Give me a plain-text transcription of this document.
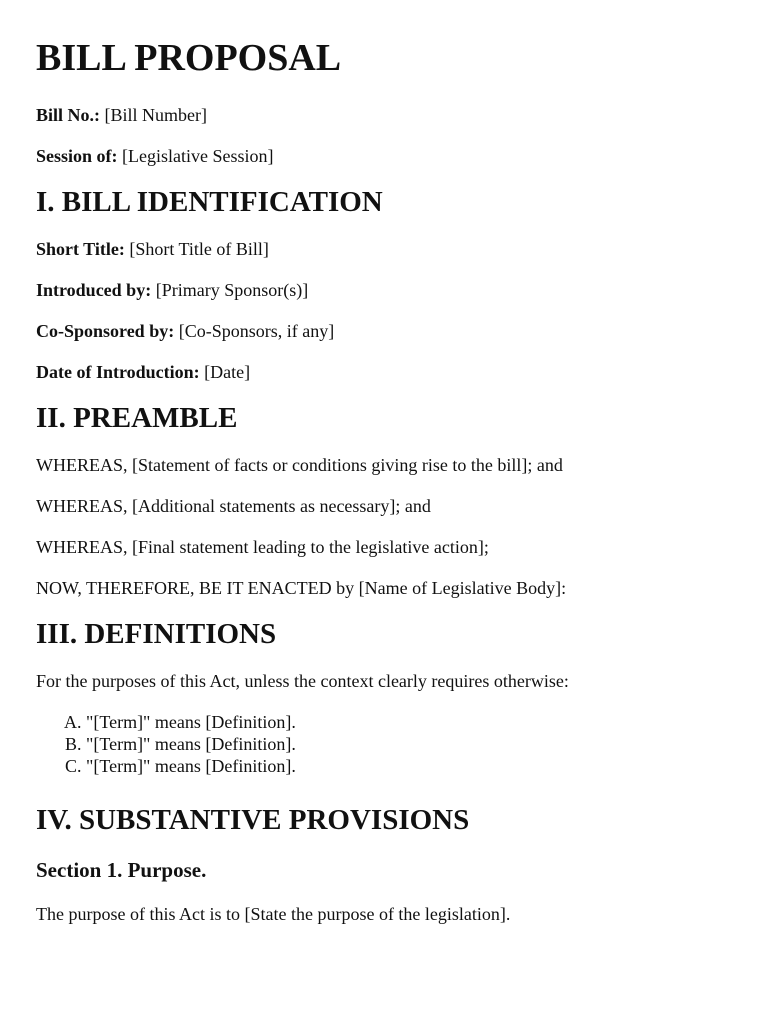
BILL PROPOSAL

Bill No.: [Bill Number]

Session of: [Legislative Session]

I. BILL IDENTIFICATION

Short Title: [Short Title of Bill]

Introduced by: [Primary Sponsor(s)]

Co-Sponsored by: [Co-Sponsors, if any]

Date of Introduction: [Date]

II. PREAMBLE

WHEREAS, [Statement of facts or conditions giving rise to the bill]; and

WHEREAS, [Additional statements as necessary]; and

WHEREAS, [Final statement leading to the legislative action];

NOW, THEREFORE, BE IT ENACTED by [Name of Legislative Body]:

III. DEFINITIONS

For the purposes of this Act, unless the context clearly requires otherwise:

A. "[Term]" means [Definition].
B. "[Term]" means [Definition].
C. "[Term]" means [Definition].
IV. SUBSTANTIVE PROVISIONS
Section 1. Purpose.

The purpose of this Act is to [State the purpose of the legislation].
